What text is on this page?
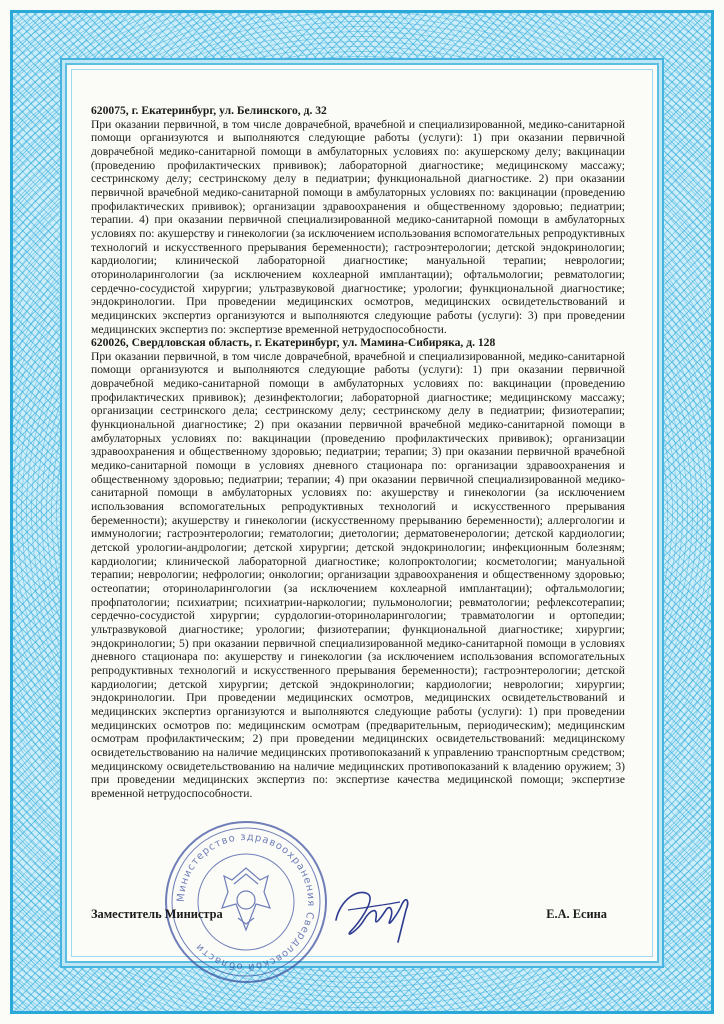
620075, г. Екатеринбург, ул. Белинского, д. 32

При оказании первичной, в том числе доврачебной, врачебной и специализированной, медико-санитарной помощи организуются и выполняются следующие работы (услуги): 1) при оказании первичной доврачебной медико-санитарной помощи в амбулаторных условиях по: акушерскому делу; вакцинации (проведению профилактических прививок); лабораторной диагностике; медицинскому массажу; сестринскому делу; сестринскому делу в педиатрии; функциональной диагностике. 2) при оказании первичной врачебной медико-санитарной помощи в амбулаторных условиях по: вакцинации (проведению профилактических прививок); организации здравоохранения и общественному здоровью; педиатрии; терапии. 4) при оказании первичной специализированной медико-санитарной помощи в амбулаторных условиях по: акушерству и гинекологии (за исключением использования вспомогательных репродуктивных технологий и искусственного прерывания беременности); гастроэнтерологии; детской эндокринологии; кардиологии; клинической лабораторной диагностике; мануальной терапии; неврологии; оториноларингологии (за исключением кохлеарной имплантации); офтальмологии; ревматологии; сердечно-сосудистой хирургии; ультразвуковой диагностике; урологии; функциональной диагностике; эндокринологии. При проведении медицинских осмотров, медицинских освидетельствований и медицинских экспертиз организуются и выполняются следующие работы (услуги): 3) при проведении медицинских экспертиз по: экспертизе временной нетрудоспособности.

620026, Свердловская область, г. Екатеринбург, ул. Мамина-Сибиряка, д. 128

При оказании первичной, в том числе доврачебной, врачебной и специализированной, медико-санитарной помощи организуются и выполняются следующие работы (услуги): 1) при оказании первичной доврачебной медико-санитарной помощи в амбулаторных условиях по: вакцинации (проведению профилактических прививок); дезинфектологии; лабораторной диагностике; медицинскому массажу; организации сестринского дела; сестринскому делу; сестринскому делу в педиатрии; физиотерапии; функциональной диагностике; 2) при оказании первичной врачебной медико-санитарной помощи в амбулаторных условиях по: вакцинации (проведению профилактических прививок); организации здравоохранения и общественному здоровью; педиатрии; терапии; 3) при оказании первичной врачебной медико-санитарной помощи в условиях дневного стационара по: организации здравоохранения и общественному здоровью; педиатрии; терапии; 4) при оказании первичной специализированной медико-санитарной помощи в амбулаторных условиях по: акушерству и гинекологии (за исключением использования вспомогательных репродуктивных технологий и искусственного прерывания беременности); акушерству и гинекологии (искусственному прерыванию беременности); аллергологии и иммунологии; гастроэнтерологии; гематологии; диетологии; дерматовенерологии; детской кардиологии; детской урологии-андрологии; детской хирургии; детской эндокринологии; инфекционным болезням; кардиологии; клинической лабораторной диагностике; колопроктологии; косметологии; мануальной терапии; неврологии; нефрологии; онкологии; организации здравоохранения и общественному здоровью; остеопатии; оториноларингологии (за исключением кохлеарной имплантации); офтальмологии; профпатологии; психиатрии; психиатрии-наркологии; пульмонологии; ревматологии; рефлексотерапии; сердечно-сосудистой хирургии; сурдологии-оториноларингологии; травматологии и ортопедии; ультразвуковой диагностике; урологии; физиотерапии; функциональной диагностике; хирургии; эндокринологии; 5) при оказании первичной специализированной медико-санитарной помощи в условиях дневного стационара по: акушерству и гинекологии (за исключением использования вспомогательных репродуктивных технологий и искусственного прерывания беременности); гастроэнтерологии; детской кардиологии; детской хирургии; детской эндокринологии; кардиологии; неврологии; хирургии; эндокринологии. При проведении медицинских осмотров, медицинских освидетельствований и медицинских экспертиз организуются и выполняются следующие работы (услуги): 1) при проведении медицинских осмотров по: медицинским осмотрам (предварительным, периодическим); медицинским осмотрам профилактическим; 2) при проведении медицинских освидетельствований: медицинскому освидетельствованию на наличие медицинских противопоказаний к управлению транспортным средством; медицинскому освидетельствованию на наличие медицинских противопоказаний к владению оружием; 3) при проведении медицинских экспертиз по: экспертизе качества медицинской помощи; экспертизе временной нетрудоспособности.

Министерство здравоохранения Свердловской области
Заместитель Министра	Е.А. Есина
